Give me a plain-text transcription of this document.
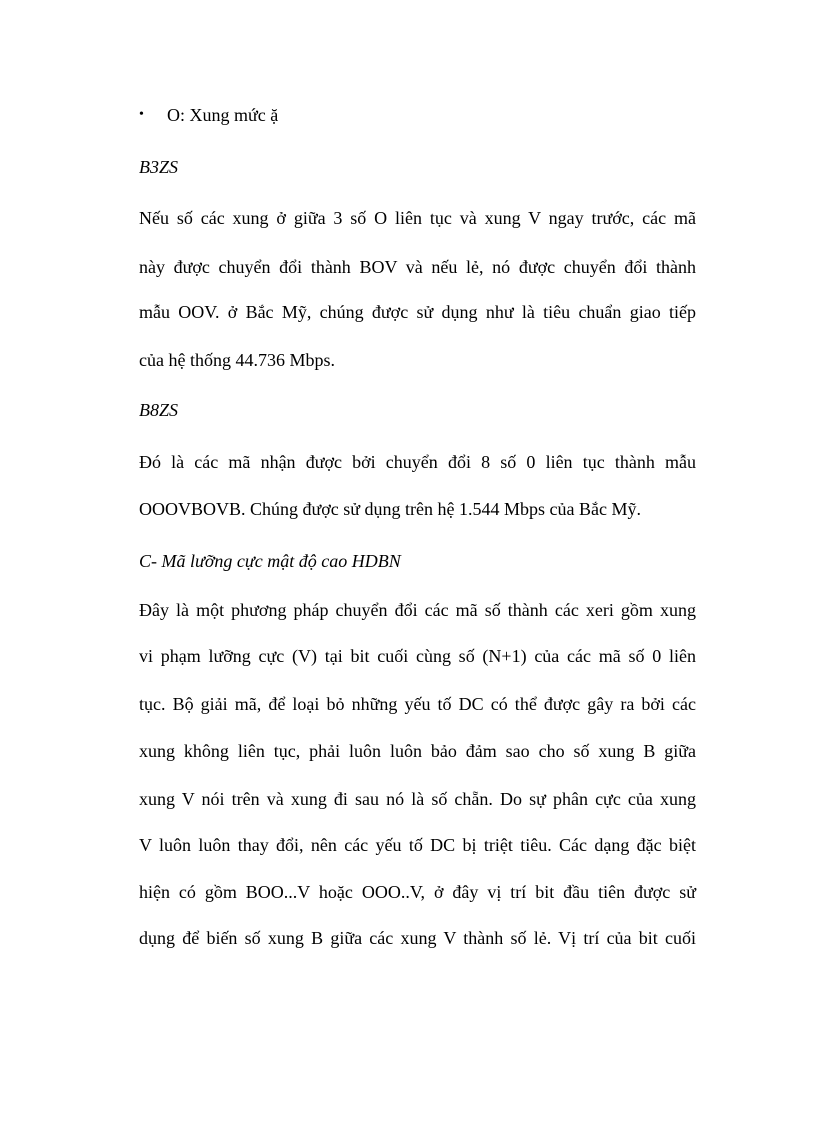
• O: Xung mức ặ
B3ZS
Nếu số các xung ở giữa 3 số O liên tục và xung V ngay trước, các mã
này được chuyển đổi thành BOV và nếu lẻ, nó được chuyển đổi thành
mẫu OOV. ở Bắc Mỹ, chúng được sử dụng như là tiêu chuẩn giao tiếp
của hệ thống 44.736 Mbps.
B8ZS
Đó là các mã nhận được bởi chuyển đổi 8 số 0 liên tục thành mẫu
OOOVBOVB. Chúng được sử dụng trên hệ 1.544 Mbps của Bắc Mỹ.
C- Mã lưỡng cực mật độ cao HDBN
Đây là một phương pháp chuyển đổi các mã số thành các xeri gồm xung
vi phạm lưỡng cực (V) tại bit cuối cùng số (N+1) của các mã số 0 liên
tục. Bộ giải mã, để loại bỏ những yếu tố DC có thể được gây ra bởi các
xung không liên tục, phải luôn luôn bảo đảm sao cho số xung B giữa
xung V nói trên và xung đi sau nó là số chẵn. Do sự phân cực của xung
V luôn luôn thay đổi, nên các yếu tố DC bị triệt tiêu. Các dạng đặc biệt
hiện có gồm BOO...V hoặc OOO..V, ở đây vị trí bit đầu tiên được sử
dụng để biến số xung B giữa các xung V thành số lẻ. Vị trí của bit cuối
